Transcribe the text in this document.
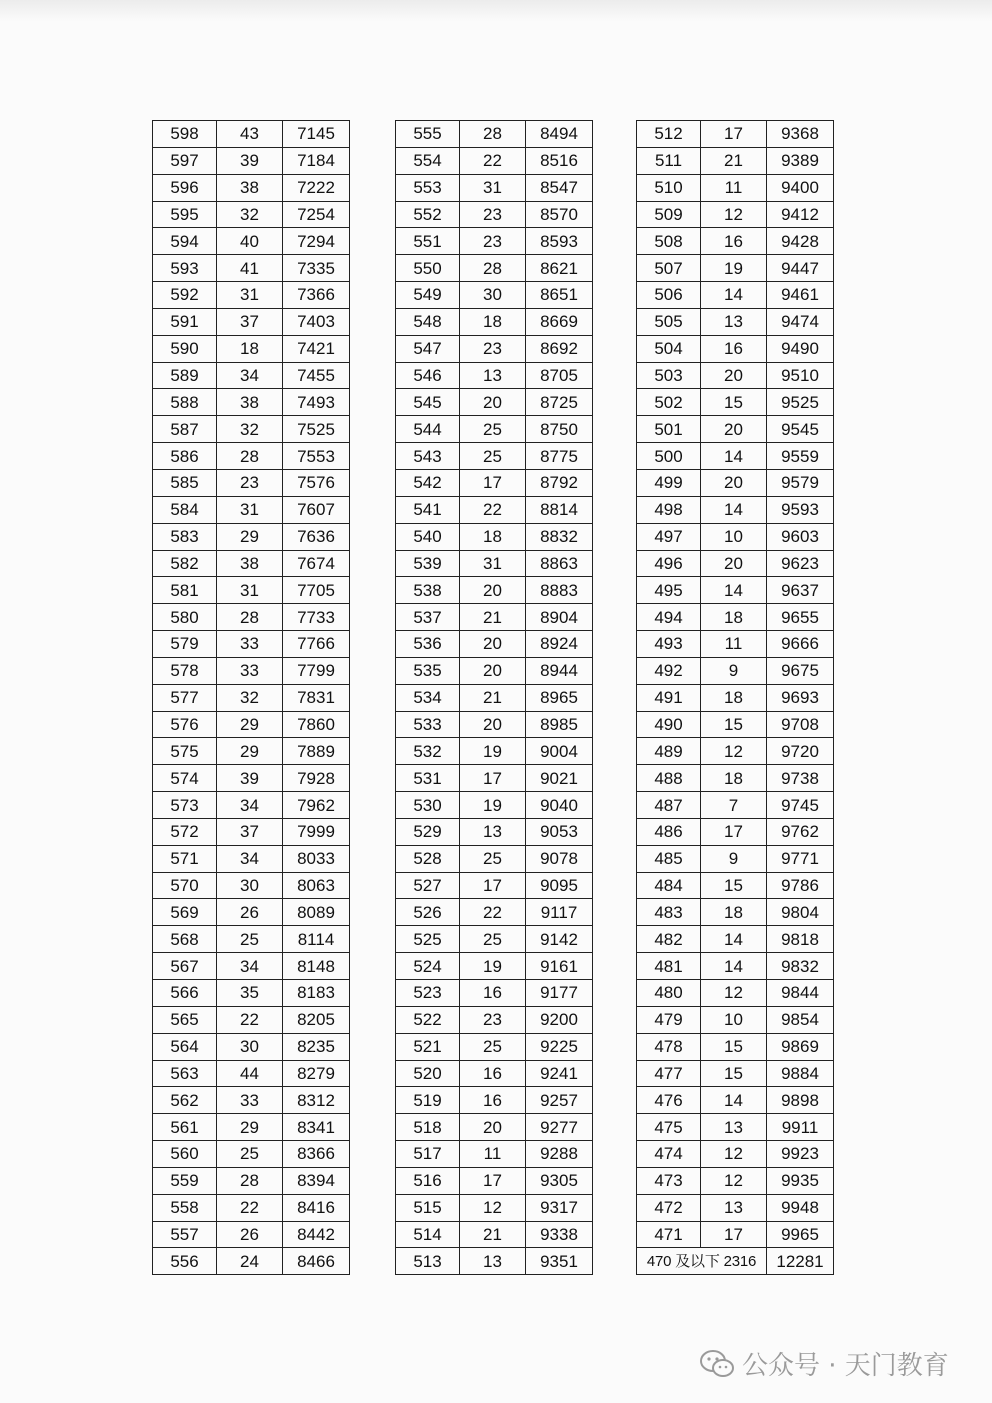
598	43	7145
597	39	7184
596	38	7222
595	32	7254
594	40	7294
593	41	7335
592	31	7366
591	37	7403
590	18	7421
589	34	7455
588	38	7493
587	32	7525
586	28	7553
585	23	7576
584	31	7607
583	29	7636
582	38	7674
581	31	7705
580	28	7733
579	33	7766
578	33	7799
577	32	7831
576	29	7860
575	29	7889
574	39	7928
573	34	7962
572	37	7999
571	34	8033
570	30	8063
569	26	8089
568	25	8114
567	34	8148
566	35	8183
565	22	8205
564	30	8235
563	44	8279
562	33	8312
561	29	8341
560	25	8366
559	28	8394
558	22	8416
557	26	8442
556	24	8466
555	28	8494
554	22	8516
553	31	8547
552	23	8570
551	23	8593
550	28	8621
549	30	8651
548	18	8669
547	23	8692
546	13	8705
545	20	8725
544	25	8750
543	25	8775
542	17	8792
541	22	8814
540	18	8832
539	31	8863
538	20	8883
537	21	8904
536	20	8924
535	20	8944
534	21	8965
533	20	8985
532	19	9004
531	17	9021
530	19	9040
529	13	9053
528	25	9078
527	17	9095
526	22	9117
525	25	9142
524	19	9161
523	16	9177
522	23	9200
521	25	9225
520	16	9241
519	16	9257
518	20	9277
517	11	9288
516	17	9305
515	12	9317
514	21	9338
513	13	9351
512	17	9368
511	21	9389
510	11	9400
509	12	9412
508	16	9428
507	19	9447
506	14	9461
505	13	9474
504	16	9490
503	20	9510
502	15	9525
501	20	9545
500	14	9559
499	20	9579
498	14	9593
497	10	9603
496	20	9623
495	14	9637
494	18	9655
493	11	9666
492	9	9675
491	18	9693
490	15	9708
489	12	9720
488	18	9738
487	7	9745
486	17	9762
485	9	9771
484	15	9786
483	18	9804
482	14	9818
481	14	9832
480	12	9844
479	10	9854
478	15	9869
477	15	9884
476	14	9898
475	13	9911
474	12	9923
473	12	9935
472	13	9948
471	17	9965
470 及以下 2316		12281
公众号 · 天门教育
